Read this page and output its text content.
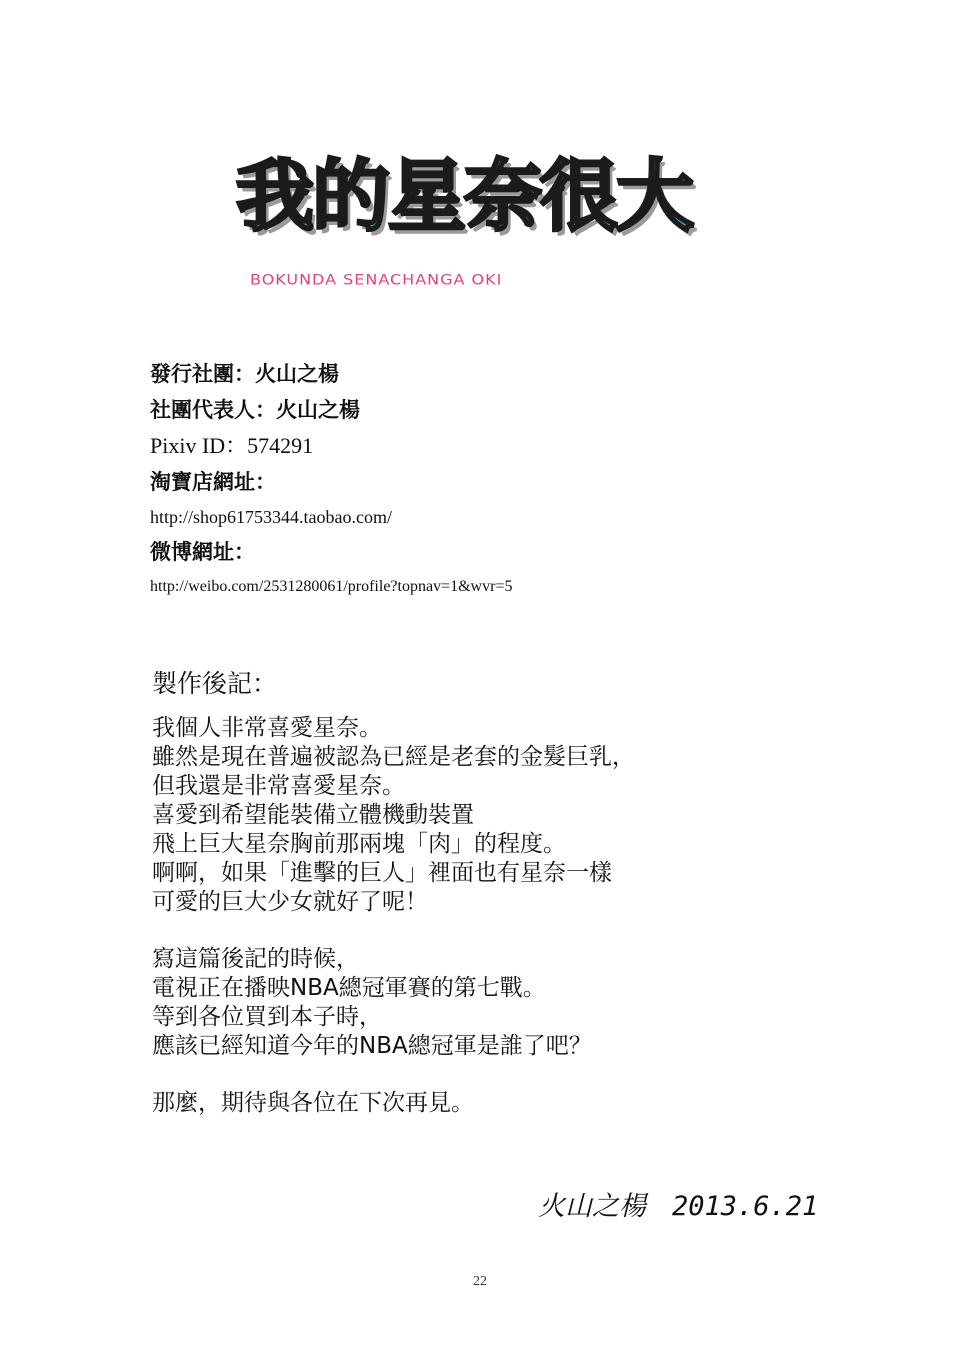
我的星奈很大
BOKUNDA SENACHANGA OKI
發行社團：火山之楊
社團代表人：火山之楊
Pixiv ID：574291
淘寶店網址：
http://shop61753344.taobao.com/
微博網址：
http://weibo.com/2531280061/profile?topnav=1&wvr=5
製作後記：
我個人非常喜愛星奈。
雖然是現在普遍被認為已經是老套的金髮巨乳，
但我還是非常喜愛星奈。
喜愛到希望能裝備立體機動裝置
飛上巨大星奈胸前那兩塊「肉」的程度。
啊啊，如果「進擊的巨人」裡面也有星奈一樣
可愛的巨大少女就好了呢！
寫這篇後記的時候，
電視正在播映NBA總冠軍賽的第七戰。
等到各位買到本子時，
應該已經知道今年的NBA總冠軍是誰了吧？
那麼，期待與各位在下次再見。
火山之楊 2013.6.21
22
